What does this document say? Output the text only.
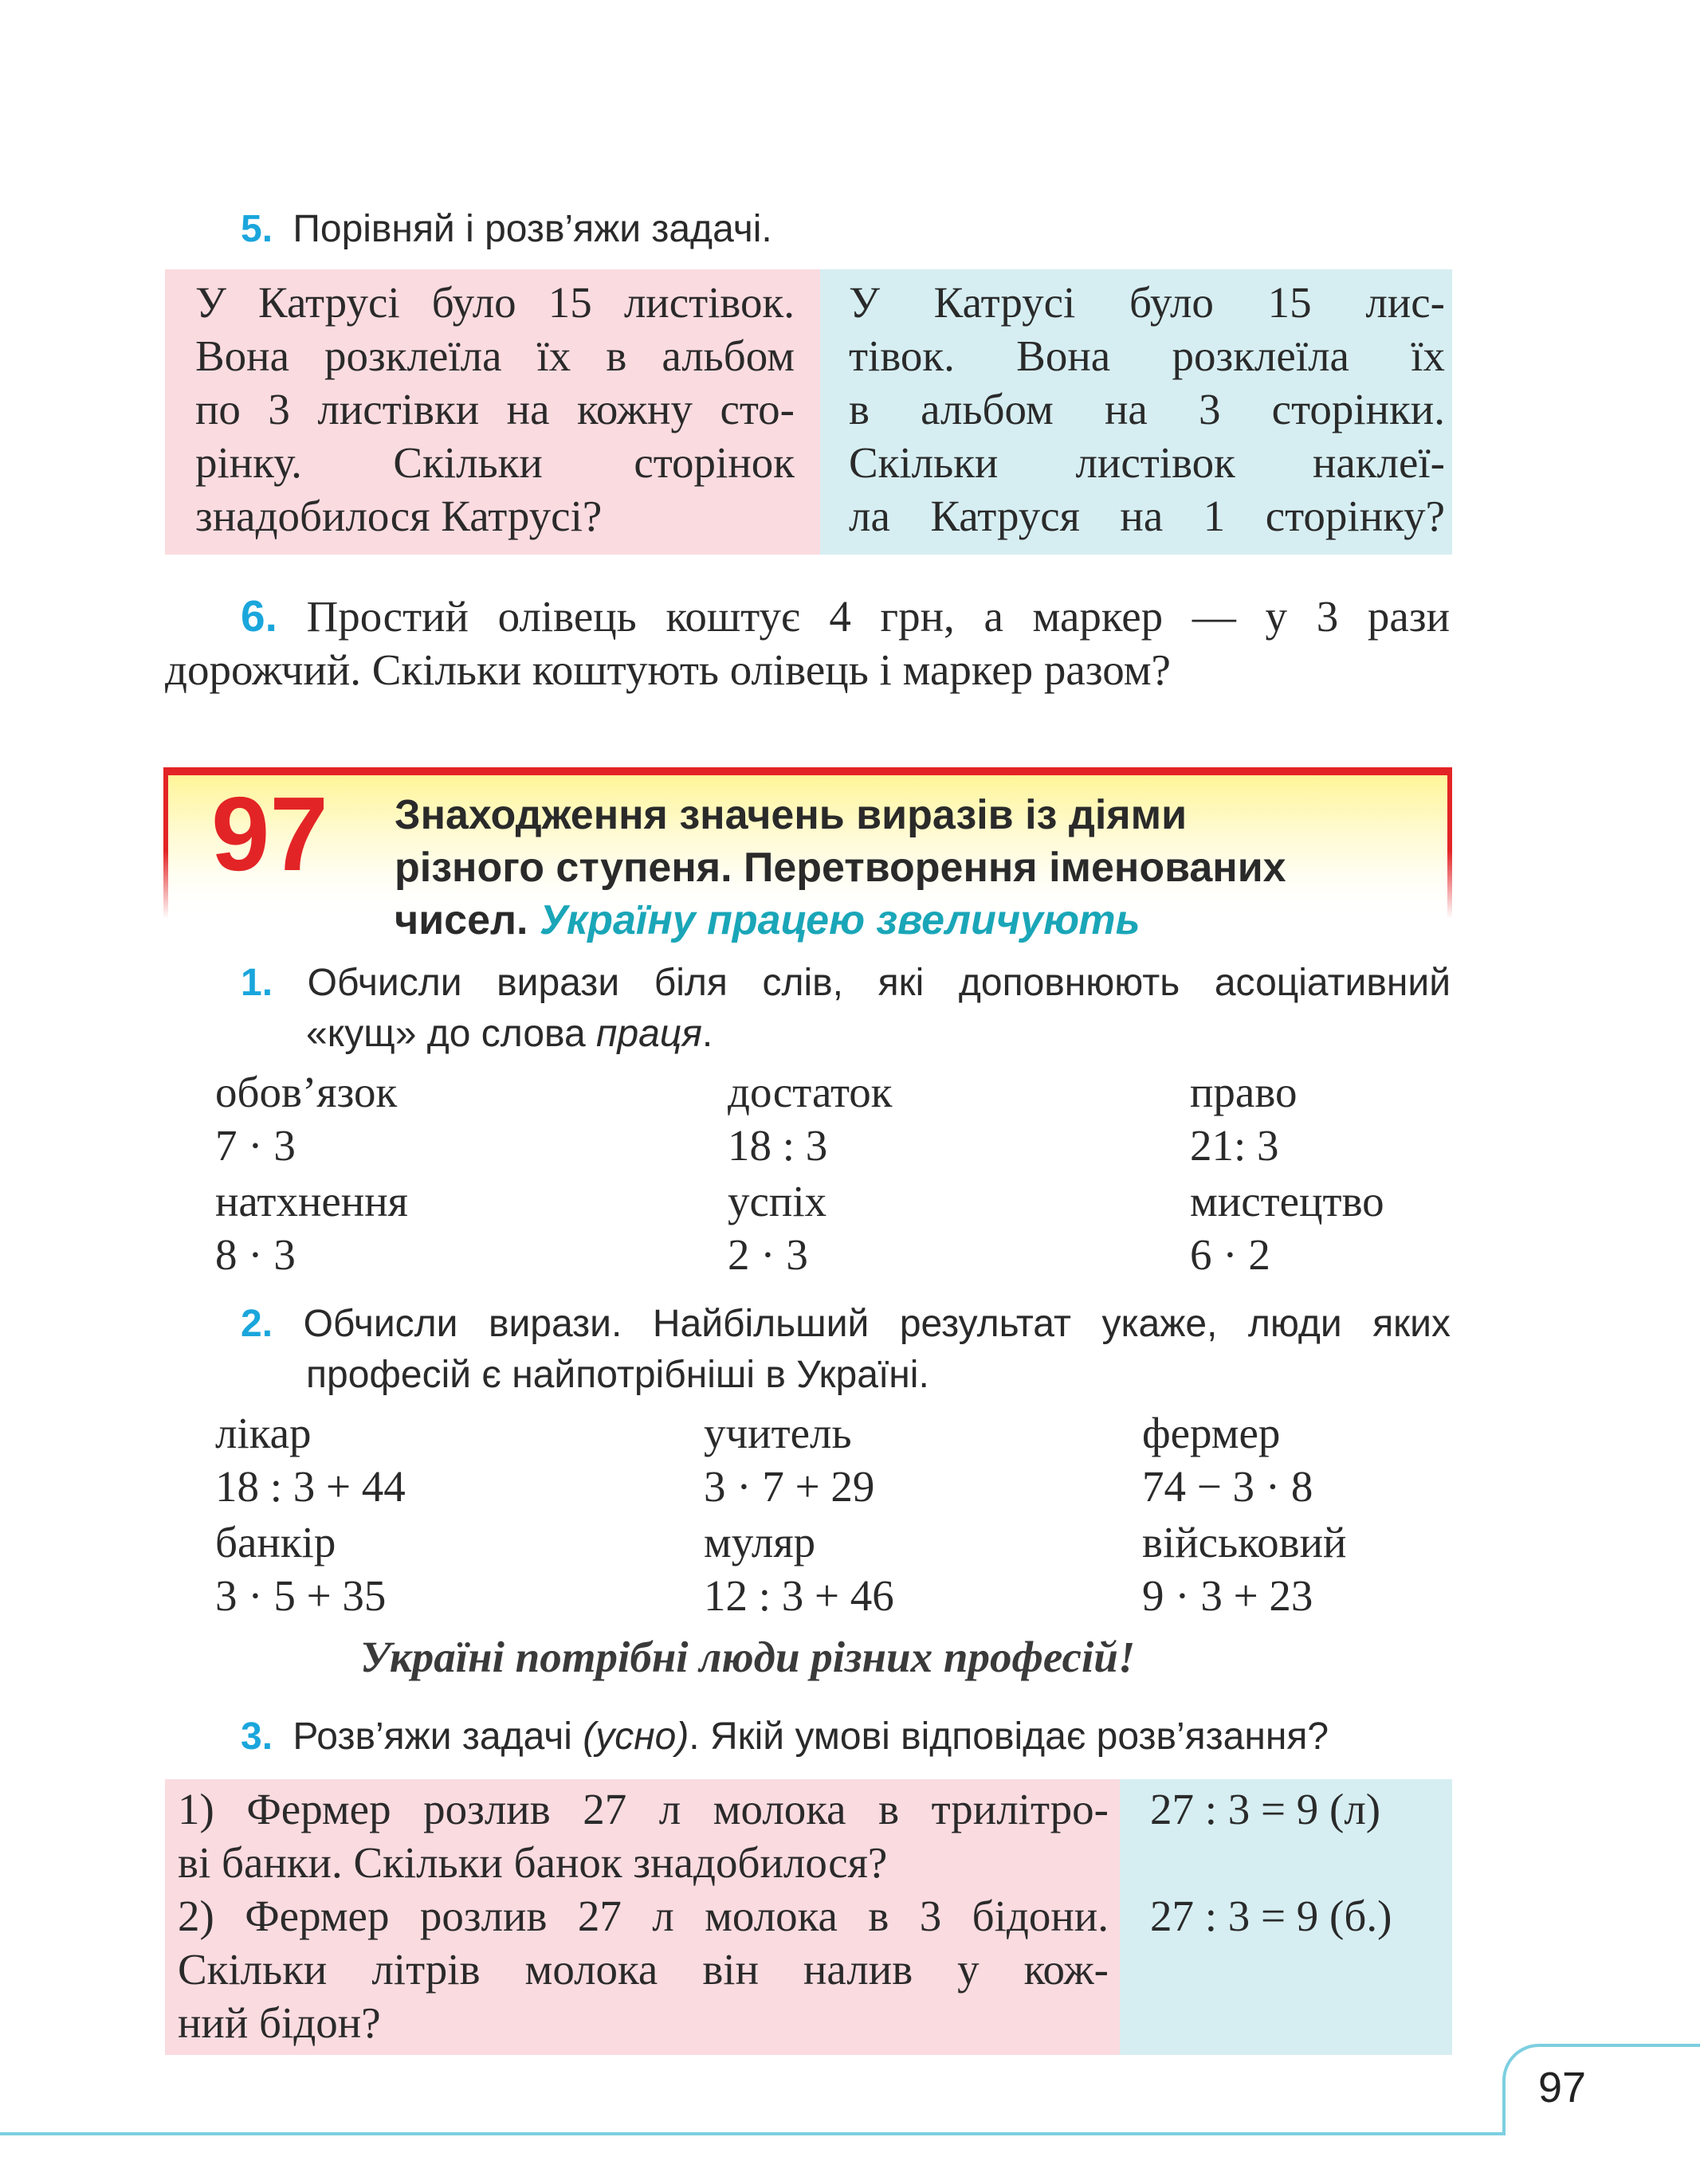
5. Порівняй і розв’яжи задачі.
У Катрусі було 15 листівок.
Вона розклеїла їх в альбом
по 3 листівки на кожну сто-
рінку. Скільки сторінок
знадобилося Катрусі?
У Катрусі було 15 лис-
тівок. Вона розклеїла їх
в альбом на 3 сторінки.
Скільки листівок наклеї-
ла Катруся на 1 сторінку?
6. Простий олівець коштує 4 грн, а маркер — у 3 рази
дорожчий. Скільки коштують олівець і маркер разом?
97 Знаходження значень виразів із діями
різного ступеня. Перетворення іменованих
чисел. Україну працею звеличують
1. Обчисли вирази біля слів, які доповнюють асоціативний
«кущ» до слова праця.
обов’язок
7 · 3
достаток
18 : 3
право
21: 3
натхнення
8 · 3
успіх
2 · 3
мистецтво
6 · 2
2. Обчисли вирази. Найбільший результат укаже, люди яких
професій є найпотрібніші в Україні.
лікар
18 : 3 + 44
учитель
3 · 7 + 29
фермер
74 − 3 · 8
банкір
3 · 5 + 35
муляр
12 : 3 + 46
військовий
9 · 3 + 23
Україні потрібні люди різних професій!
3. Розв’яжи задачі (усно). Якій умові відповідає розв’язання?
1) Фермер розлив 27 л молока в трилітро-
ві банки. Скільки банок знадобилося?
2) Фермер розлив 27 л молока в 3 бідони.
Скільки літрів молока він налив у кож-
ний бідон?
27 : 3 = 9 (л)
27 : 3 = 9 (б.)
97
